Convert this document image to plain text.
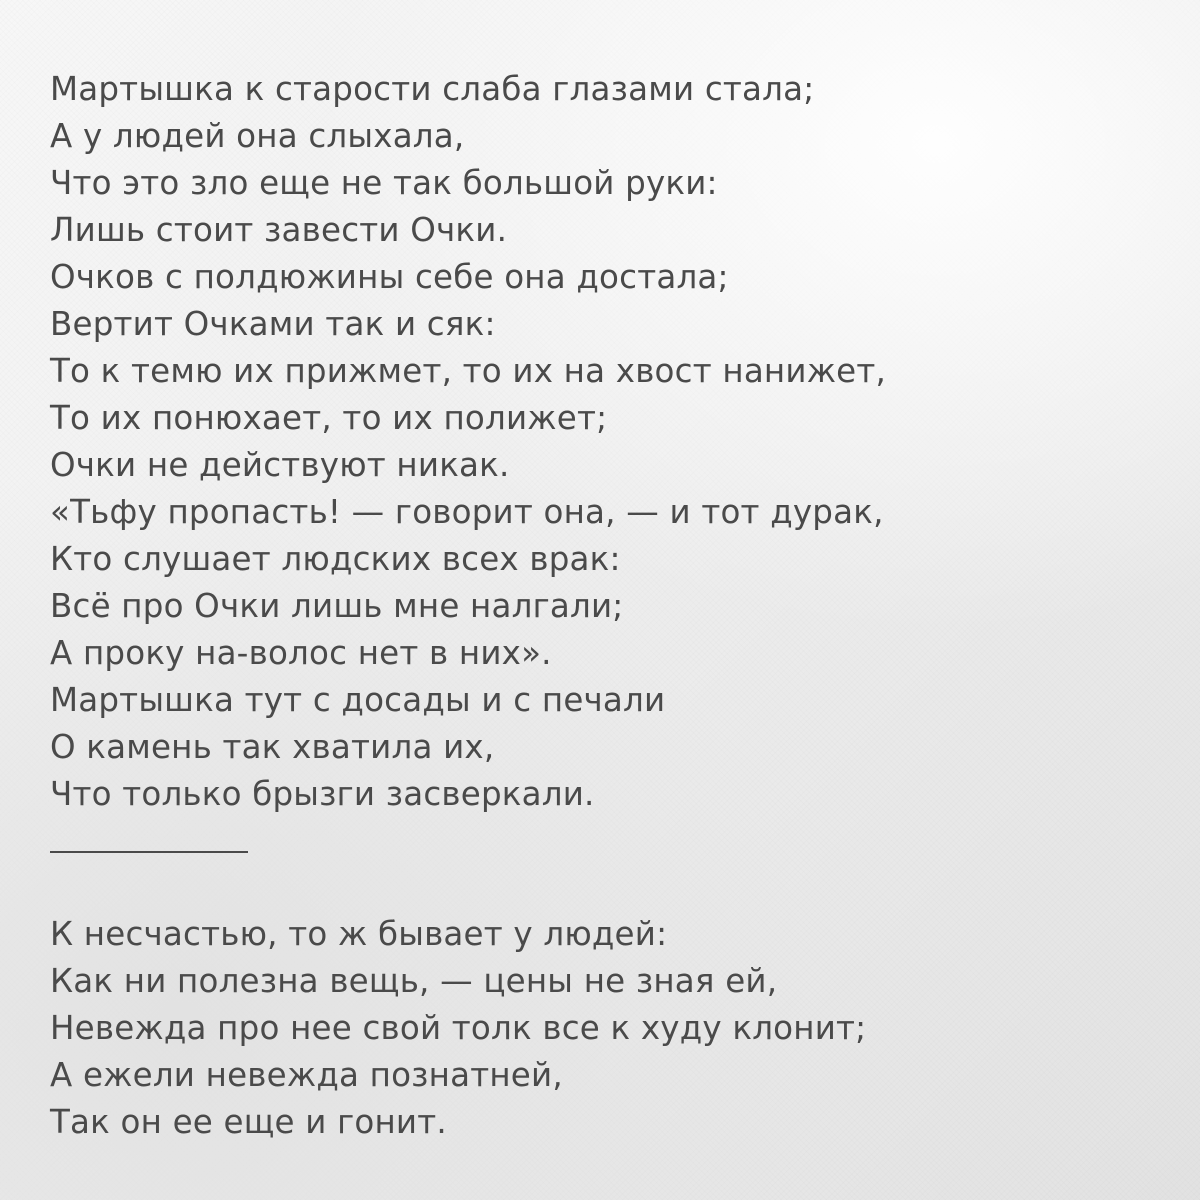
Мартышка к старости слаба глазами стала;
А у людей она слыхала,
Что это зло еще не так большой руки:
Лишь стоит завести Очки.
Очков с полдюжины себе она достала;
Вертит Очками так и сяк:
То к темю их прижмет, то их на хвост нанижет,
То их понюхает, то их полижет;
Очки не действуют никак.
«Тьфу пропасть! — говорит она, — и тот дурак,
Кто слушает людских всех врак:
Всё про Очки лишь мне налгали;
А проку на-волос нет в них».
Мартышка тут с досады и с печали
О камень так хватила их,
Что только брызги засверкали.
К несчастью, то ж бывает у людей:
Как ни полезна вещь, — цены не зная ей,
Невежда про нее свой толк все к худу клонит;
А ежели невежда познатней,
Так он ее еще и гонит.
